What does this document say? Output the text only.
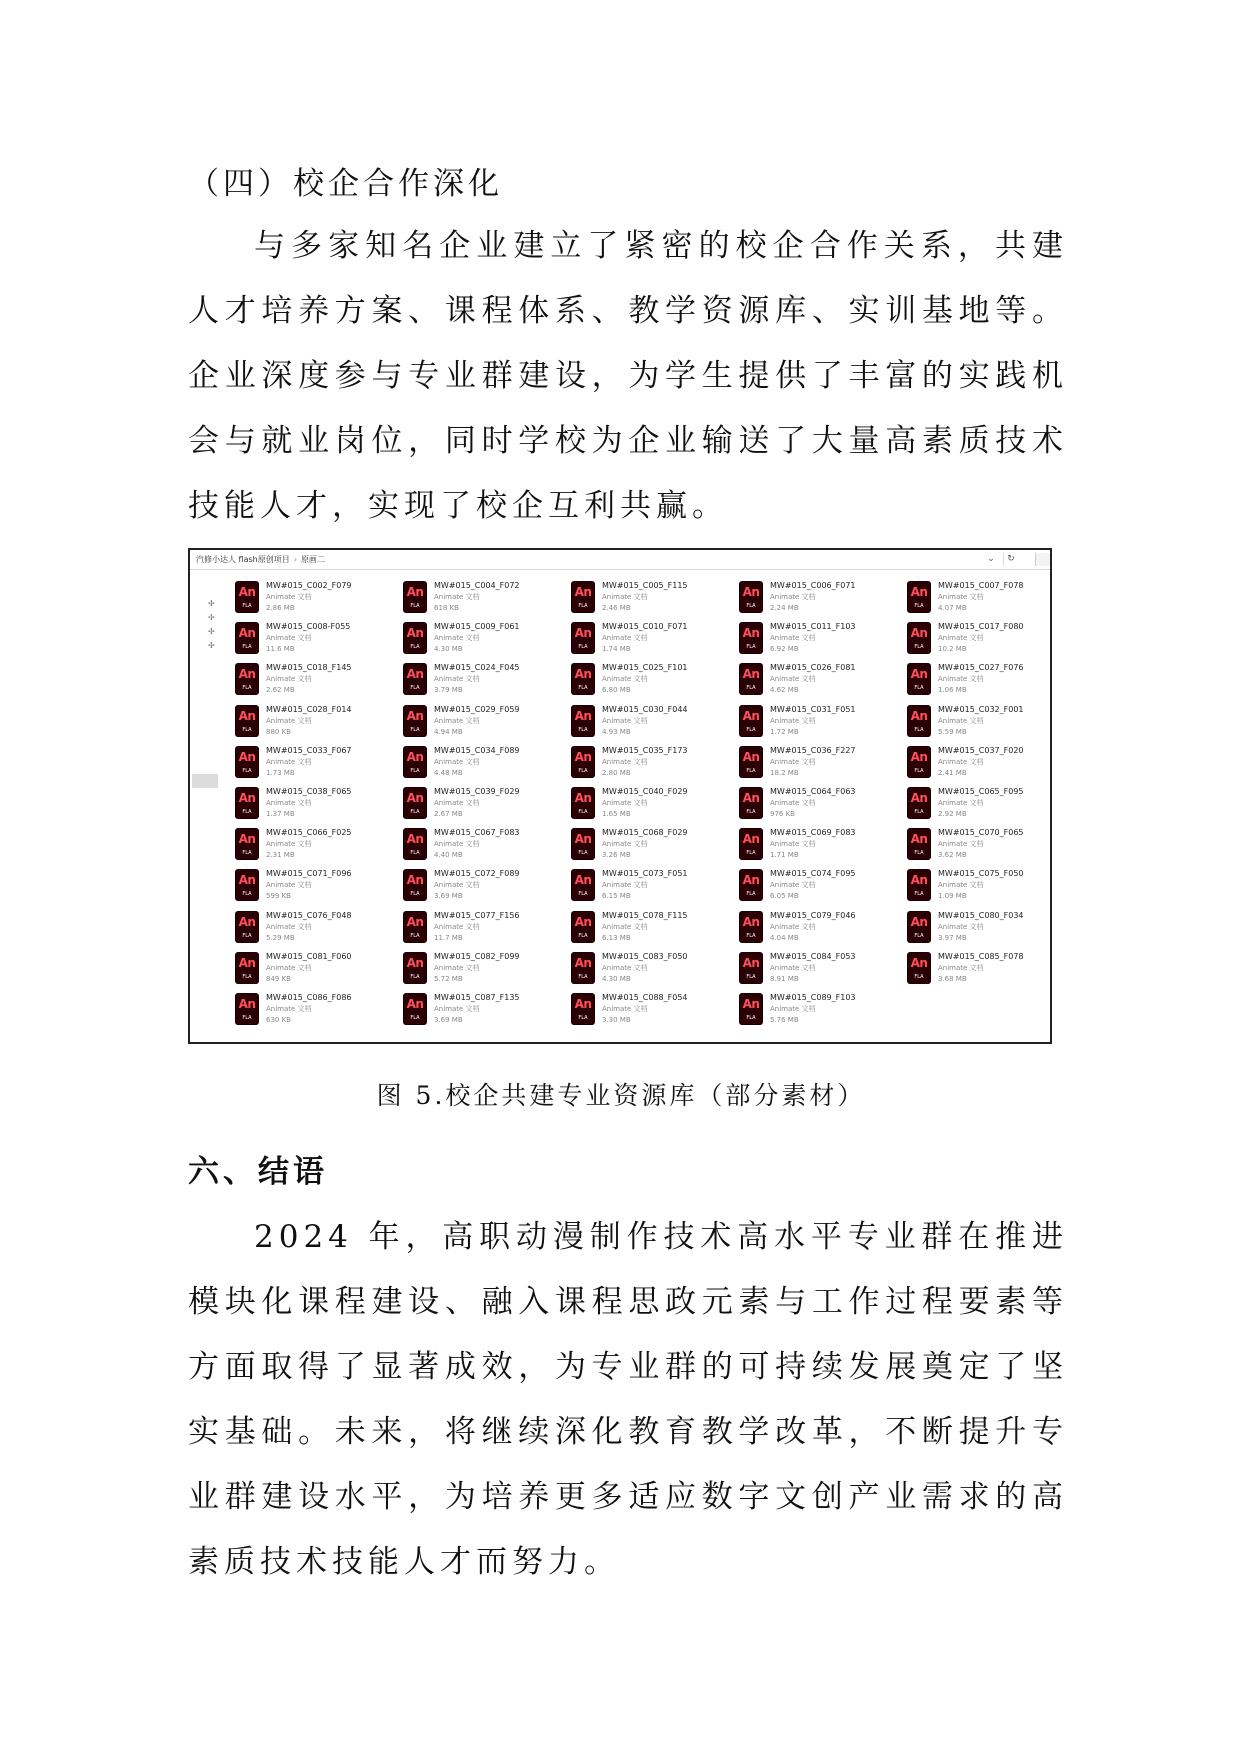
（四）校企合作深化

与多家知名企业建立了紧密的校企合作关系，共建人才培养方案、课程体系、教学资源库、实训基地等。企业深度参与专业群建设，为学生提供了丰富的实践机会与就业岗位，同时学校为企业输送了大量高素质技术技能人才，实现了校企互利共赢。

汽修小达人 flash原创项目 › 原画二	⌄	↻
✢
✢
✢
✢
An
FLA
MW#015_C002_F079
Animate 文档
2.86 MB
An
FLA
MW#015_C004_F072
Animate 文档
618 KB
An
FLA
MW#015_C005_F115
Animate 文档
2.46 MB
An
FLA
MW#015_C006_F071
Animate 文档
2.24 MB
An
FLA
MW#015_C007_F078
Animate 文档
4.07 MB
An
FLA
MW#015_C008-F055
Animate 文档
11.6 MB
An
FLA
MW#015_C009_F061
Animate 文档
4.30 MB
An
FLA
MW#015_C010_F071
Animate 文档
1.74 MB
An
FLA
MW#015_C011_F103
Animate 文档
6.92 MB
An
FLA
MW#015_C017_F080
Animate 文档
10.2 MB
An
FLA
MW#015_C018_F145
Animate 文档
2.62 MB
An
FLA
MW#015_C024_F045
Animate 文档
3.79 MB
An
FLA
MW#015_C025_F101
Animate 文档
6.80 MB
An
FLA
MW#015_C026_F081
Animate 文档
4.62 MB
An
FLA
MW#015_C027_F076
Animate 文档
1.06 MB
An
FLA
MW#015_C028_F014
Animate 文档
880 KB
An
FLA
MW#015_C029_F059
Animate 文档
4.94 MB
An
FLA
MW#015_C030_F044
Animate 文档
4.93 MB
An
FLA
MW#015_C031_F051
Animate 文档
1.72 MB
An
FLA
MW#015_C032_F001
Animate 文档
5.59 MB
An
FLA
MW#015_C033_F067
Animate 文档
1.73 MB
An
FLA
MW#015_C034_F089
Animate 文档
4.48 MB
An
FLA
MW#015_C035_F173
Animate 文档
2.80 MB
An
FLA
MW#015_C036_F227
Animate 文档
18.2 MB
An
FLA
MW#015_C037_F020
Animate 文档
2.41 MB
An
FLA
MW#015_C038_F065
Animate 文档
1.37 MB
An
FLA
MW#015_C039_F029
Animate 文档
2.67 MB
An
FLA
MW#015_C040_F029
Animate 文档
1.65 MB
An
FLA
MW#015_C064_F063
Animate 文档
976 KB
An
FLA
MW#015_C065_F095
Animate 文档
2.92 MB
An
FLA
MW#015_C066_F025
Animate 文档
2.31 MB
An
FLA
MW#015_C067_F083
Animate 文档
4.40 MB
An
FLA
MW#015_C068_F029
Animate 文档
3.26 MB
An
FLA
MW#015_C069_F083
Animate 文档
1.71 MB
An
FLA
MW#015_C070_F065
Animate 文档
3.62 MB
An
FLA
MW#015_C071_F096
Animate 文档
599 KB
An
FLA
MW#015_C072_F089
Animate 文档
3.69 MB
An
FLA
MW#015_C073_F051
Animate 文档
6.15 MB
An
FLA
MW#015_C074_F095
Animate 文档
6.05 MB
An
FLA
MW#015_C075_F050
Animate 文档
1.09 MB
An
FLA
MW#015_C076_F048
Animate 文档
5.29 MB
An
FLA
MW#015_C077_F156
Animate 文档
11.7 MB
An
FLA
MW#015_C078_F115
Animate 文档
6.13 MB
An
FLA
MW#015_C079_F046
Animate 文档
4.04 MB
An
FLA
MW#015_C080_F034
Animate 文档
3.97 MB
An
FLA
MW#015_C081_F060
Animate 文档
849 KB
An
FLA
MW#015_C082_F099
Animate 文档
5.72 MB
An
FLA
MW#015_C083_F050
Animate 文档
4.30 MB
An
FLA
MW#015_C084_F053
Animate 文档
8.91 MB
An
FLA
MW#015_C085_F078
Animate 文档
3.68 MB
An
FLA
MW#015_C086_F086
Animate 文档
630 KB
An
FLA
MW#015_C087_F135
Animate 文档
3.69 MB
An
FLA
MW#015_C088_F054
Animate 文档
3.30 MB
An
FLA
MW#015_C089_F103
Animate 文档
5.76 MB
图 5.校企共建专业资源库（部分素材）
六、结语

2024 年，高职动漫制作技术高水平专业群在推进模块化课程建设、融入课程思政元素与工作过程要素等方面取得了显著成效，为专业群的可持续发展奠定了坚实基础。未来，将继续深化教育教学改革，不断提升专业群建设水平，为培养更多适应数字文创产业需求的高素质技术技能人才而努力。
